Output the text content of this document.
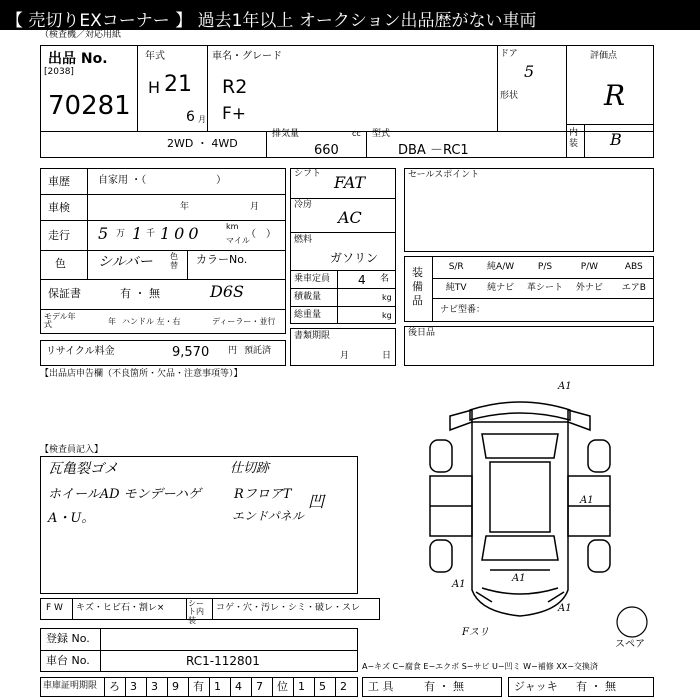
【 売切りEXコーナー 】 過去1年以上 オークション出品歴がない車両
（検査機／対応用紙
出品 No.
[2038]
70281
年式
H 21
6 月
車名・グレード
R2
F+
ドア
5
形状
評価点
R
内
装 B
2WD ・ 4WD
排気量	cc
660
型式
DBA －RC1
車歴	自家用 ・（　　　　　　　）
車検	年	月
走行 5 万 1 千 100	km
マイル
（　）
色 シルバー 色替	カラーNo.
保証書	有 ・ 無	D6S
モデル年式	年 ハンドル 左・右	ディーラー・並行
リサイクル料金	9,570 円 預託済
シフト FAT
冷房
AC
燃料
ガソリン
乗車定員 4 名
積載量	kg
総重量	kg
書類期限
月	日
セールスポイント
装備品
S/R	純A/W	P/S	P/W	ABS
純TV	純ナビ	革シート	外ナビ	エアB
ナビ型番：
後日品
【出品店申告欄（不良箇所・欠品・注意事項等）】
【検査員記入】
瓦亀裂ゴメ
ホイールAD モンデーハゲ
A・U。
仕切跡
RフロアT
エンドパネル
凹
スペア
A1
A1
A1
A1
A1
Fスリ
F W キズ・ヒビ石・割レ×	シート内装
コゲ・穴・汚レ・シミ・破レ・スレ
登録 No.
車台 No.	RC1-112801	A−キズ C−腐食 E−エクボ S−サビ U−凹ミ W−補修 XX−交換済
車庫証明期限 ろ 3 3 9 有 1 4 7 位 1 5 2 工 具	有 ・ 無	ジャッキ 有 ・ 無
